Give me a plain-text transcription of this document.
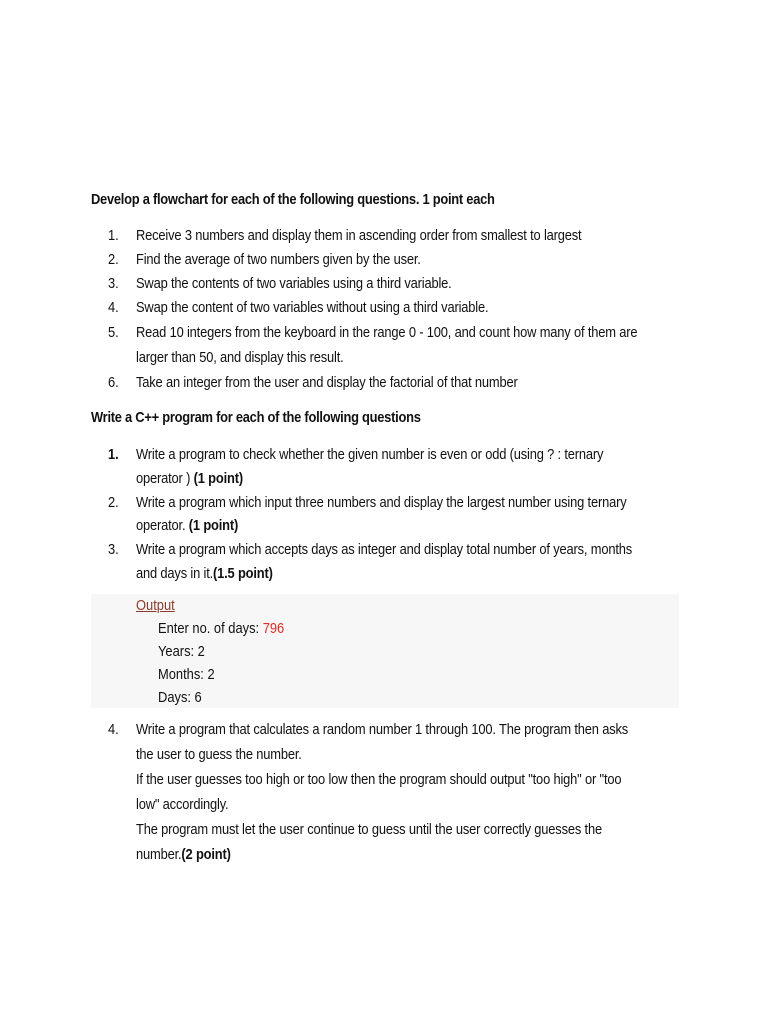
Develop a flowchart for each of the following questions. 1 point each
1.	Receive 3 numbers and display them in ascending order from smallest to largest
2.	Find the average of two numbers given by the user.
3.	Swap the contents of two variables using a third variable.
4.	Swap the content of two variables without using a third variable.
5.	Read 10 integers from the keyboard in the range 0 - 100, and count how many of them are
larger than 50, and display this result.
6.	Take an integer from the user and display the factorial of that number
Write a C++ program for each of the following questions
1.	Write a program to check whether the given number is even or odd (using ? : ternary
operator ) (1 point)
2.	Write a program which input three numbers and display the largest number using ternary
operator. (1 point)
3.	Write a program which accepts days as integer and display total number of years, months
and days in it.(1.5 point)
Output
Enter no. of days: 796
Years: 2
Months: 2
Days: 6
4.	Write a program that calculates a random number 1 through 100. The program then asks
the user to guess the number.
If the user guesses too high or too low then the program should output "too high" or "too
low" accordingly.
The program must let the user continue to guess until the user correctly guesses the
number.(2 point)
